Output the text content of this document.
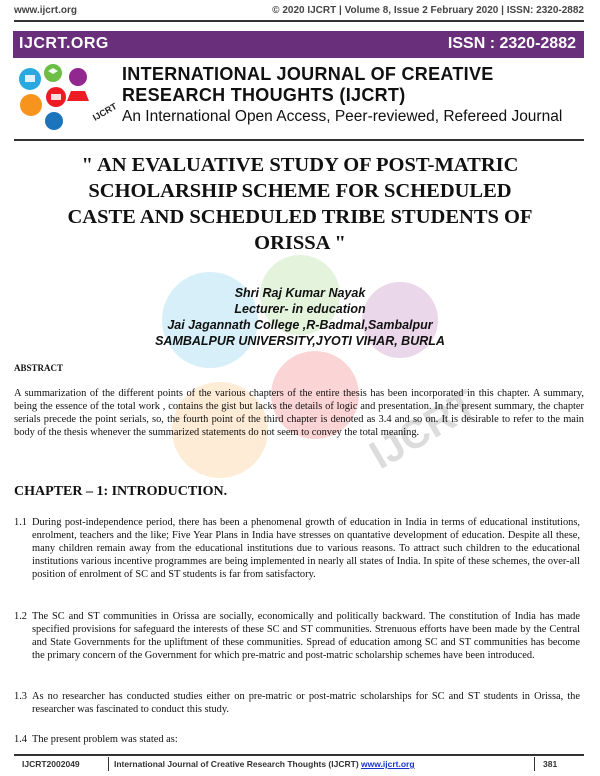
www.ijcrt.org	© 2020 IJCRT | Volume 8, Issue 2 February 2020 | ISSN: 2320-2882
IJCRT.ORG	ISSN : 2320-2882
IJCRT
INTERNATIONAL JOURNAL OF CREATIVE
RESEARCH THOUGHTS (IJCRT)
An International Open Access, Peer-reviewed, Refereed Journal
IJCRT
" AN EVALUATIVE STUDY OF POST-MATRIC
SCHOLARSHIP SCHEME FOR SCHEDULED
CASTE AND SCHEDULED TRIBE STUDENTS OF
ORISSA "
Shri Raj Kumar Nayak
Lecturer- in education
Jai Jagannath College ,R-Badmal,Sambalpur
SAMBALPUR UNIVERSITY,JYOTI VIHAR, BURLA
ABSTRACT
A summarization of the different points of the various chapters of the entire thesis has been incorporated in this chapter. A summary, being the essence of the total work , contains the gist but lacks the details of logic and presentation. In the present summary, the chapter serials precede the point serials, so, the fourth point of the third chapter is denoted as 3.4 and so on. It is desirable to refer to the main body of the thesis whenever the summarized statements do not seem to convey the total meaning.
CHAPTER – 1: INTRODUCTION.
1.1 During post-independence period, there has been a phenomenal growth of education in India in terms of educational institutions, enrolment, teachers and the like; Five Year Plans in India have stresses on quantative development of education. Despite all these, many children remain away from the educational institutions due to various reasons. To attract such children to the educational institutions various incentive programmes are being implemented in nearly all states of India. In spite of these schemes, the over-all position of enrolment of SC and ST students is far from satisfactory.
1.2 The SC and ST communities in Orissa are socially, economically and politically backward. The constitution of India has made specified provisions for safeguard the interests of these SC and ST communities. Strenuous efforts have been made by the Central and State Governments for the upliftment of these communities. Spread of education among SC and ST communities has become the primary concern of the Government for which pre-matric and post-matric scholarship schemes have been introduced.
1.3 As no researcher has conducted studies either on pre-matric or post-matric scholarships for SC and ST students in Orissa, the researcher was fascinated to conduct this study.
1.4 The present problem was stated as:
IJCRT2002049	International Journal of Creative Research Thoughts (IJCRT) www.ijcrt.org	381
